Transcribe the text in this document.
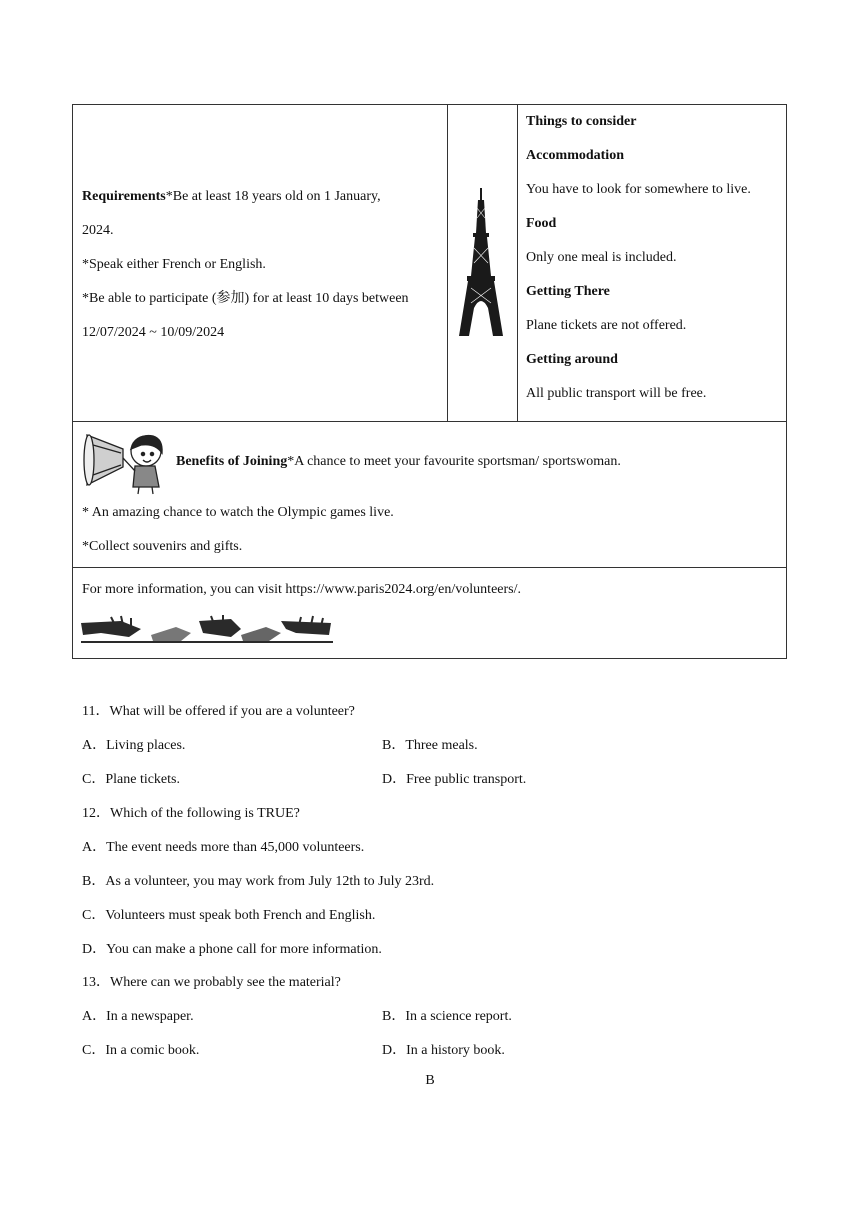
Requirements*Be at least 18 years old on 1 January,
2024.
*Speak either French or English.
*Be able to participate (参加) for at least 10 days between
12/07/2024 ~ 10/09/2024
Things to consider
Accommodation
You have to look for somewhere to live.
Food
Only one meal is included.
Getting There
Plane tickets are not offered.
Getting around
All public transport will be free.
Benefits of Joining*A chance to meet your favourite sportsman/ sportswoman.
* An amazing chance to watch the Olympic games live.
*Collect souvenirs and gifts.
For more information, you can visit https://www.paris2024.org/en/volunteers/.
11．What will be offered if you are a volunteer?
A．Living places.	B．Three meals.
C．Plane tickets.	D．Free public transport.
12．Which of the following is TRUE?
A．The event needs more than 45,000 volunteers.
B．As a volunteer, you may work from July 12th to July 23rd.
C．Volunteers must speak both French and English.
D．You can make a phone call for more information.
13．Where can we probably see the material?
A．In a newspaper.	B．In a science report.
C．In a comic book.	D．In a history book.
B
